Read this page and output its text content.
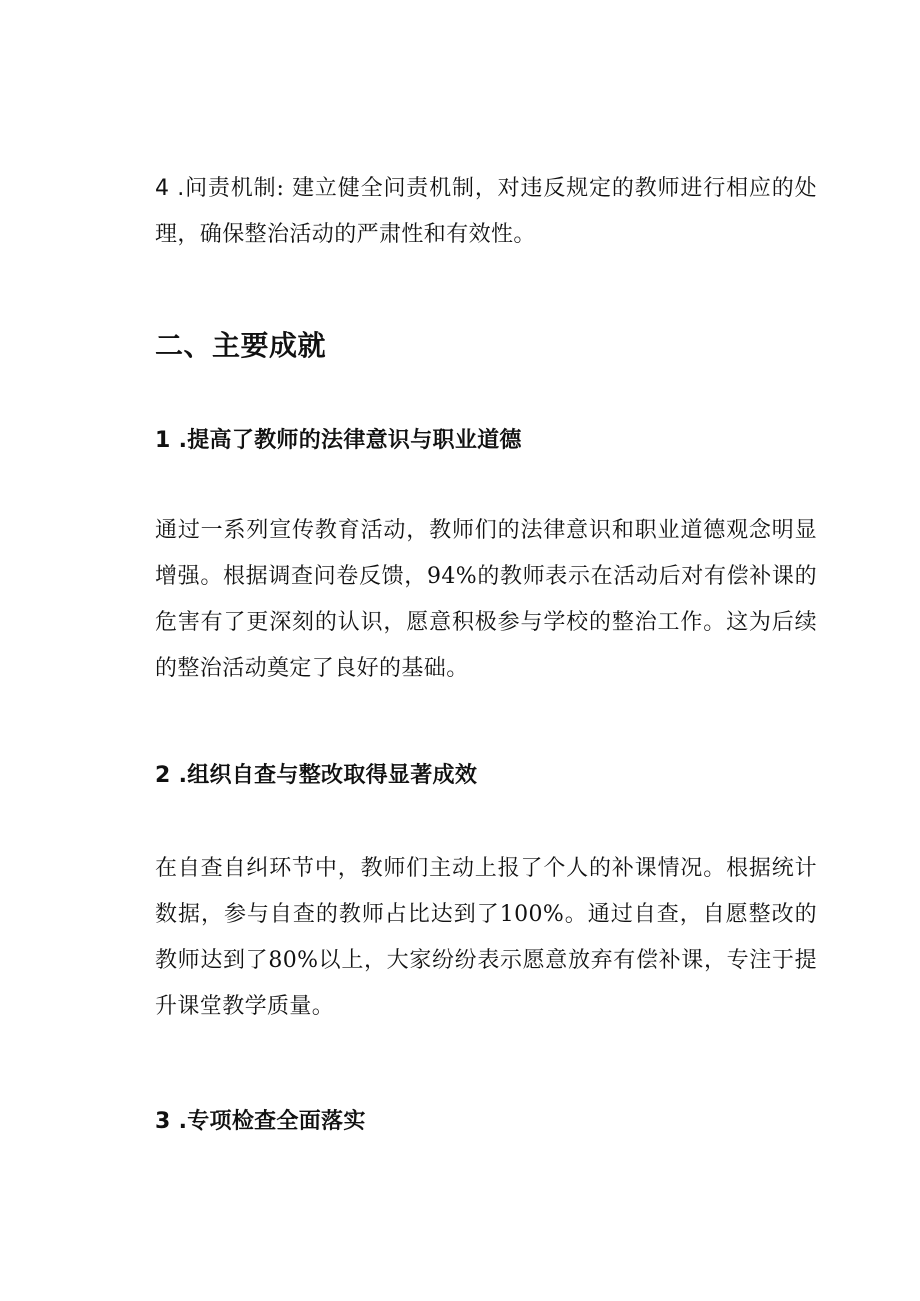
4 .问责机制: 建立健全问责机制，对违反规定的教师进行相应的处理，确保整治活动的严肃性和有效性。

二、主要成就
1 .提高了教师的法律意识与职业道德

通过一系列宣传教育活动，教师们的法律意识和职业道德观念明显增强。根据调查问卷反馈，94%的教师表示在活动后对有偿补课的危害有了更深刻的认识，愿意积极参与学校的整治工作。这为后续的整治活动奠定了良好的基础。

2 .组织自查与整改取得显著成效

在自查自纠环节中，教师们主动上报了个人的补课情况。根据统计数据，参与自查的教师占比达到了100%。通过自查，自愿整改的教师达到了80%以上，大家纷纷表示愿意放弃有偿补课，专注于提升课堂教学质量。

3 .专项检查全面落实
